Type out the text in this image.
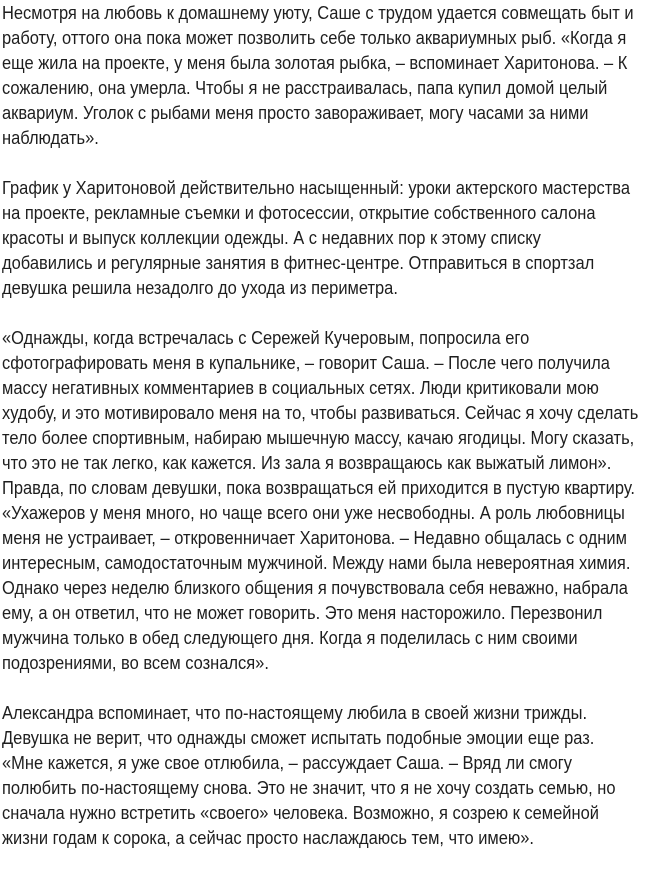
Несмотря на любовь к домашнему уюту, Саше с трудом удается совмещать быт и
работу, оттого она пока может позволить себе только аквариумных рыб. «Когда я
еще жила на проекте, у меня была золотая рыбка, – вспоминает Харитонова. – К
сожалению, она умерла. Чтобы я не расстраивалась, папа купил домой целый
аквариум. Уголок с рыбами меня просто завораживает, могу часами за ними
наблюдать».

График у Харитоновой действительно насыщенный: уроки актерского мастерства
на проекте, рекламные съемки и фотосессии, открытие собственного салона
красоты и выпуск коллекции одежды. А с недавних пор к этому списку
добавились и регулярные занятия в фитнес-центре. Отправиться в спортзал
девушка решила незадолго до ухода из периметра.

«Однажды, когда встречалась с Сережей Кучеровым, попросила его
сфотографировать меня в купальнике, – говорит Саша. – После чего получила
массу негативных комментариев в социальных сетях. Люди критиковали мою
худобу, и это мотивировало меня на то, чтобы развиваться. Сейчас я хочу сделать
тело более спортивным, набираю мышечную массу, качаю ягодицы. Могу сказать,
что это не так легко, как кажется. Из зала я возвращаюсь как выжатый лимон».
Правда, по словам девушки, пока возвращаться ей приходится в пустую квартиру.
«Ухажеров у меня много, но чаще всего они уже несвободны. А роль любовницы
меня не устраивает, – откровенничает Харитонова. – Недавно общалась с одним
интересным, самодостаточным мужчиной. Между нами была невероятная химия.
Однако через неделю близкого общения я почувствовала себя неважно, набрала
ему, а он ответил, что не может говорить. Это меня насторожило. Перезвонил
мужчина только в обед следующего дня. Когда я поделилась с ним своими
подозрениями, во всем сознался».

Александра вспоминает, что по-настоящему любила в своей жизни трижды.
Девушка не верит, что однажды сможет испытать подобные эмоции еще раз.
«Мне кажется, я уже свое отлюбила, – рассуждает Саша. – Вряд ли смогу
полюбить по-настоящему снова. Это не значит, что я не хочу создать семью, но
сначала нужно встретить «своего» человека. Возможно, я созрею к семейной
жизни годам к сорока, а сейчас просто наслаждаюсь тем, что имею».
